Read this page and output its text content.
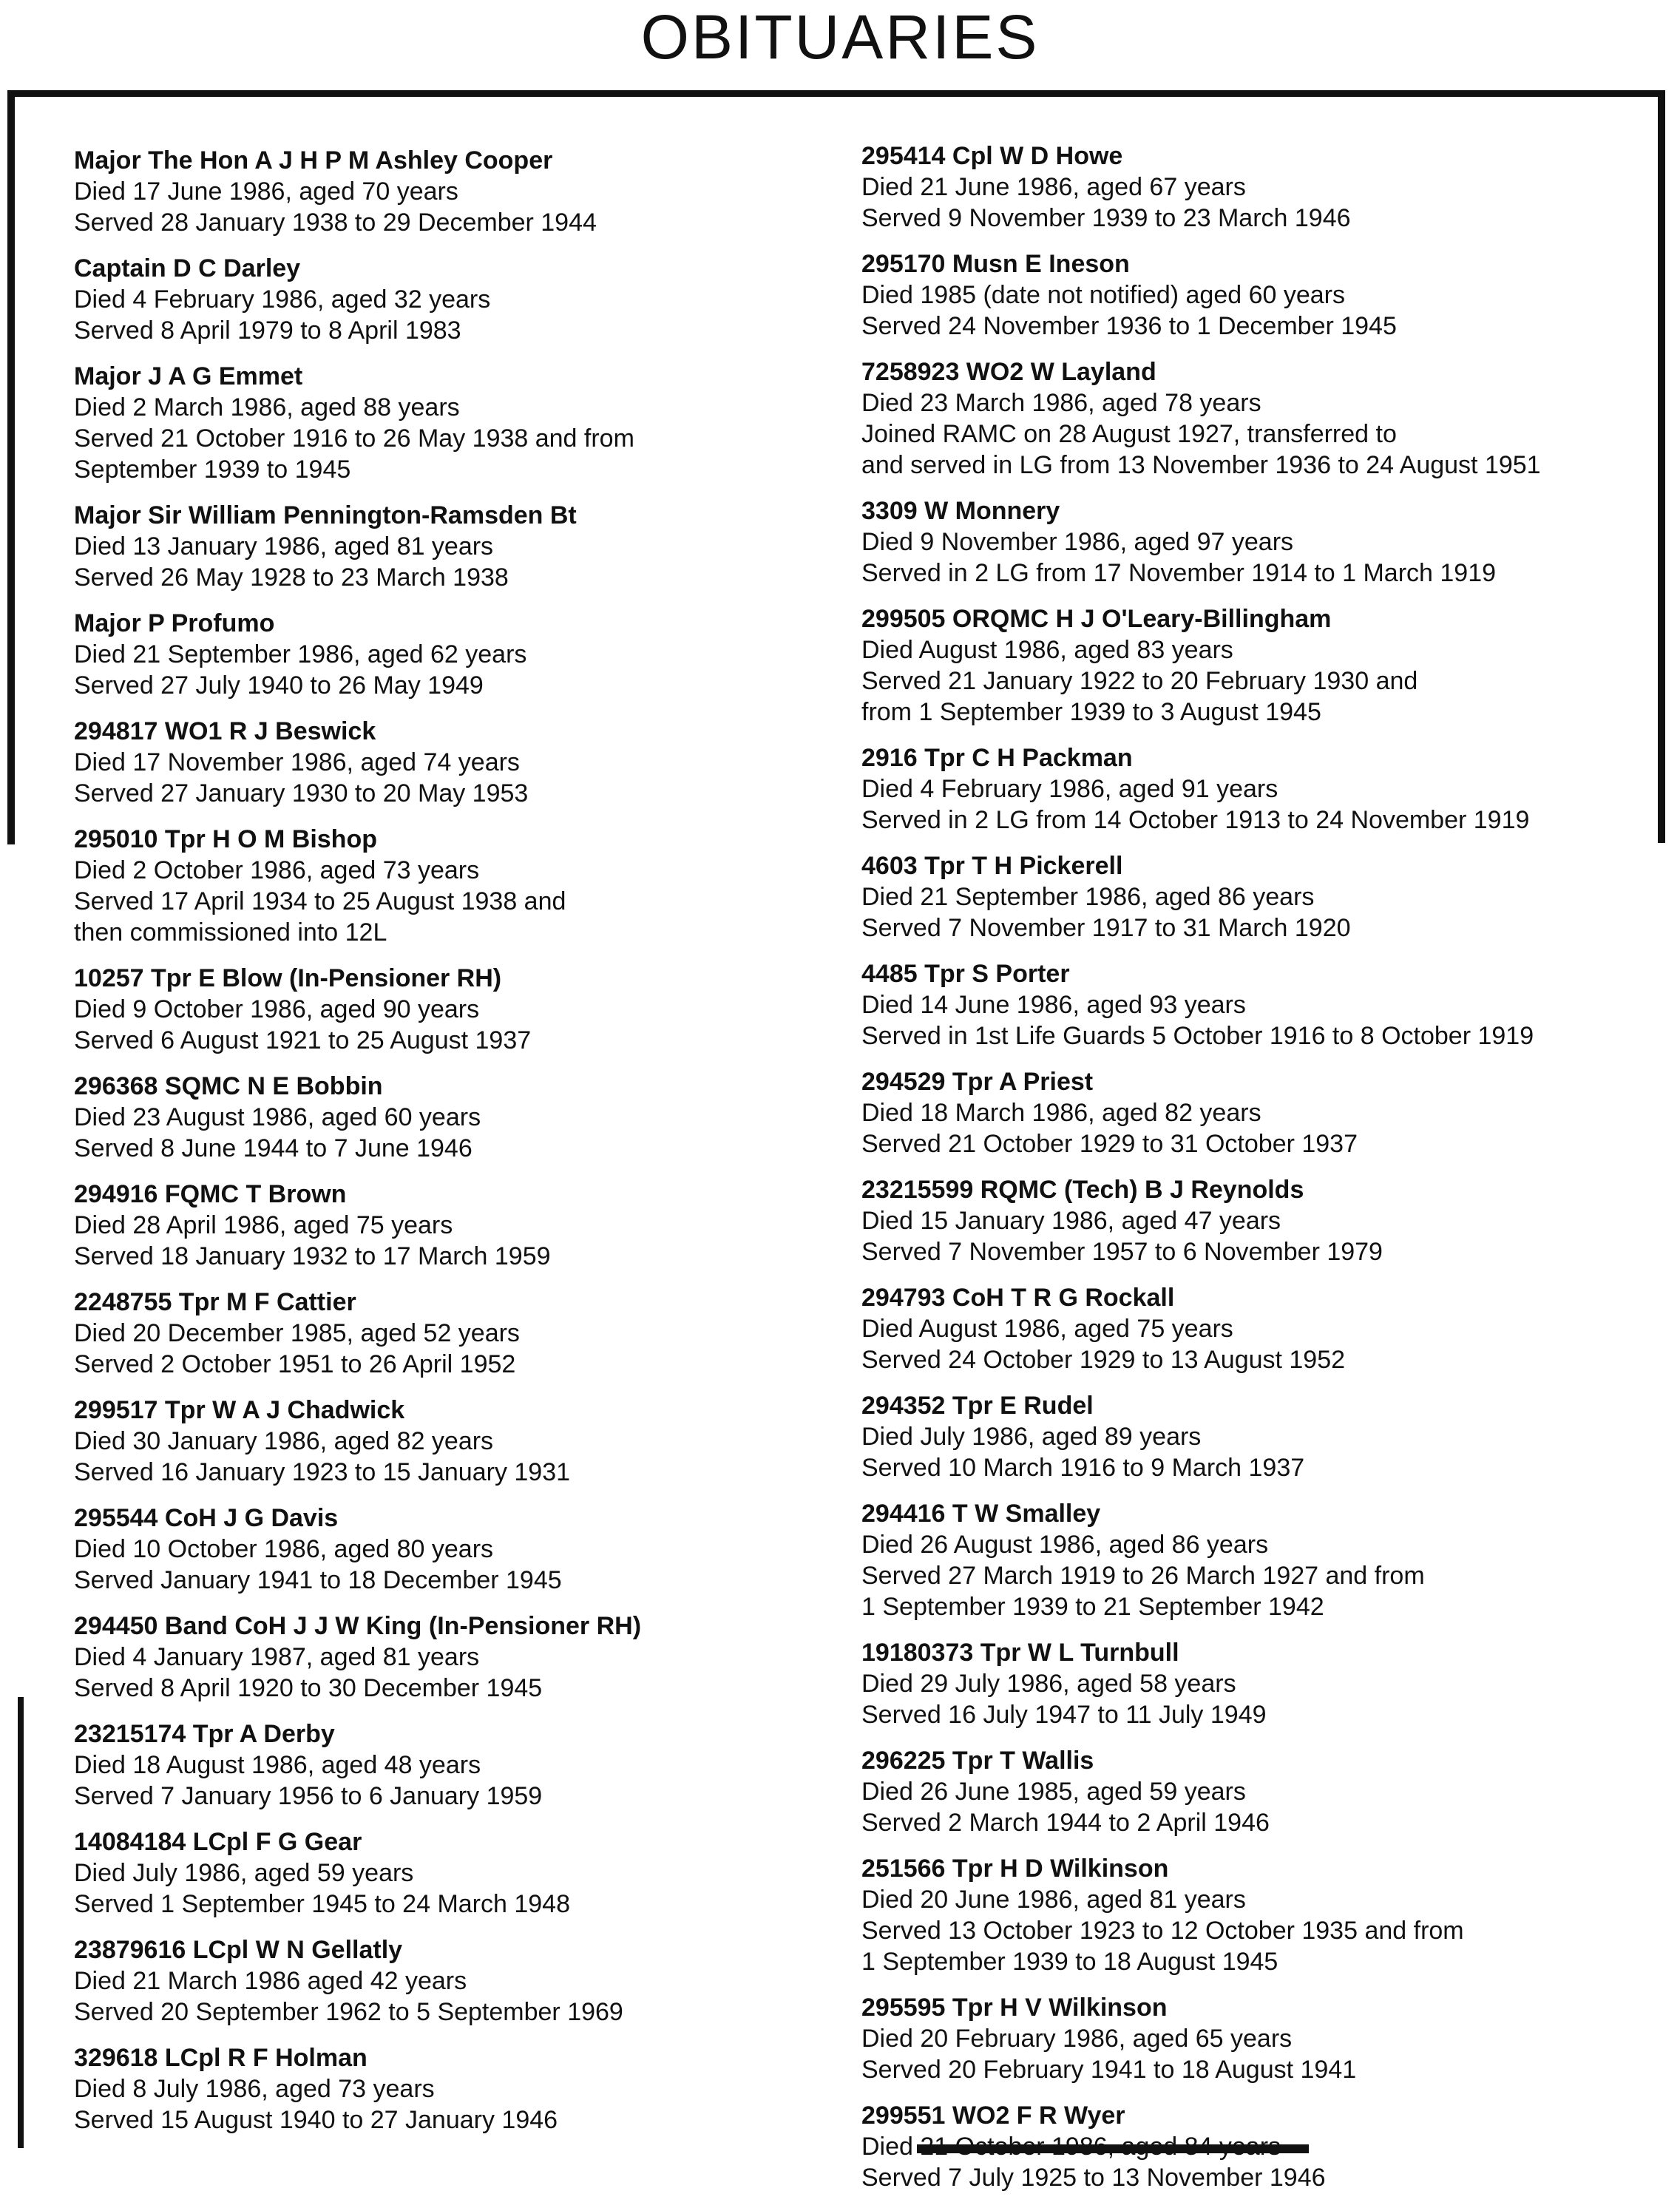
OBITUARIES
Major The Hon A J H P M Ashley Cooper
Died 17 June 1986, aged 70 years
Served 28 January 1938 to 29 December 1944
Captain D C Darley
Died 4 February 1986, aged 32 years
Served 8 April 1979 to 8 April 1983
Major J A G Emmet
Died 2 March 1986, aged 88 years
Served 21 October 1916 to 26 May 1938 and from
September 1939 to 1945
Major Sir William Pennington-Ramsden Bt
Died 13 January 1986, aged 81 years
Served 26 May 1928 to 23 March 1938
Major P Profumo
Died 21 September 1986, aged 62 years
Served 27 July 1940 to 26 May 1949
294817 WO1 R J Beswick
Died 17 November 1986, aged 74 years
Served 27 January 1930 to 20 May 1953
295010 Tpr H O M Bishop
Died 2 October 1986, aged 73 years
Served 17 April 1934 to 25 August 1938 and
then commissioned into 12L
10257 Tpr E Blow (In-Pensioner RH)
Died 9 October 1986, aged 90 years
Served 6 August 1921 to 25 August 1937
296368 SQMC N E Bobbin
Died 23 August 1986, aged 60 years
Served 8 June 1944 to 7 June 1946
294916 FQMC T Brown
Died 28 April 1986, aged 75 years
Served 18 January 1932 to 17 March 1959
2248755 Tpr M F Cattier
Died 20 December 1985, aged 52 years
Served 2 October 1951 to 26 April 1952
299517 Tpr W A J Chadwick
Died 30 January 1986, aged 82 years
Served 16 January 1923 to 15 January 1931
295544 CoH J G Davis
Died 10 October 1986, aged 80 years
Served January 1941 to 18 December 1945
294450 Band CoH J J W King (In-Pensioner RH)
Died 4 January 1987, aged 81 years
Served 8 April 1920 to 30 December 1945
23215174 Tpr A Derby
Died 18 August 1986, aged 48 years
Served 7 January 1956 to 6 January 1959
14084184 LCpl F G Gear
Died July 1986, aged 59 years
Served 1 September 1945 to 24 March 1948
23879616 LCpl W N Gellatly
Died 21 March 1986 aged 42 years
Served 20 September 1962 to 5 September 1969
329618 LCpl R F Holman
Died 8 July 1986, aged 73 years
Served 15 August 1940 to 27 January 1946
295414 Cpl W D Howe
Died 21 June 1986, aged 67 years
Served 9 November 1939 to 23 March 1946
295170 Musn E Ineson
Died 1985 (date not notified) aged 60 years
Served 24 November 1936 to 1 December 1945
7258923 WO2 W Layland
Died 23 March 1986, aged 78 years
Joined RAMC on 28 August 1927, transferred to
and served in LG from 13 November 1936 to 24 August 1951
3309 W Monnery
Died 9 November 1986, aged 97 years
Served in 2 LG from 17 November 1914 to 1 March 1919
299505 ORQMC H J O'Leary-Billingham
Died August 1986, aged 83 years
Served 21 January 1922 to 20 February 1930 and
from 1 September 1939 to 3 August 1945
2916 Tpr C H Packman
Died 4 February 1986, aged 91 years
Served in 2 LG from 14 October 1913 to 24 November 1919
4603 Tpr T H Pickerell
Died 21 September 1986, aged 86 years
Served 7 November 1917 to 31 March 1920
4485 Tpr S Porter
Died 14 June 1986, aged 93 years
Served in 1st Life Guards 5 October 1916 to 8 October 1919
294529 Tpr A Priest
Died 18 March 1986, aged 82 years
Served 21 October 1929 to 31 October 1937
23215599 RQMC (Tech) B J Reynolds
Died 15 January 1986, aged 47 years
Served 7 November 1957 to 6 November 1979
294793 CoH T R G Rockall
Died August 1986, aged 75 years
Served 24 October 1929 to 13 August 1952
294352 Tpr E Rudel
Died July 1986, aged 89 years
Served 10 March 1916 to 9 March 1937
294416 T W Smalley
Died 26 August 1986, aged 86 years
Served 27 March 1919 to 26 March 1927 and from
1 September 1939 to 21 September 1942
19180373 Tpr W L Turnbull
Died 29 July 1986, aged 58 years
Served 16 July 1947 to 11 July 1949
296225 Tpr T Wallis
Died 26 June 1985, aged 59 years
Served 2 March 1944 to 2 April 1946
251566 Tpr H D Wilkinson
Died 20 June 1986, aged 81 years
Served 13 October 1923 to 12 October 1935 and from
1 September 1939 to 18 August 1945
295595 Tpr H V Wilkinson
Died 20 February 1986, aged 65 years
Served 20 February 1941 to 18 August 1941
299551 WO2 F R Wyer
Died 21 October 1986, aged 84 years
Served 7 July 1925 to 13 November 1946
